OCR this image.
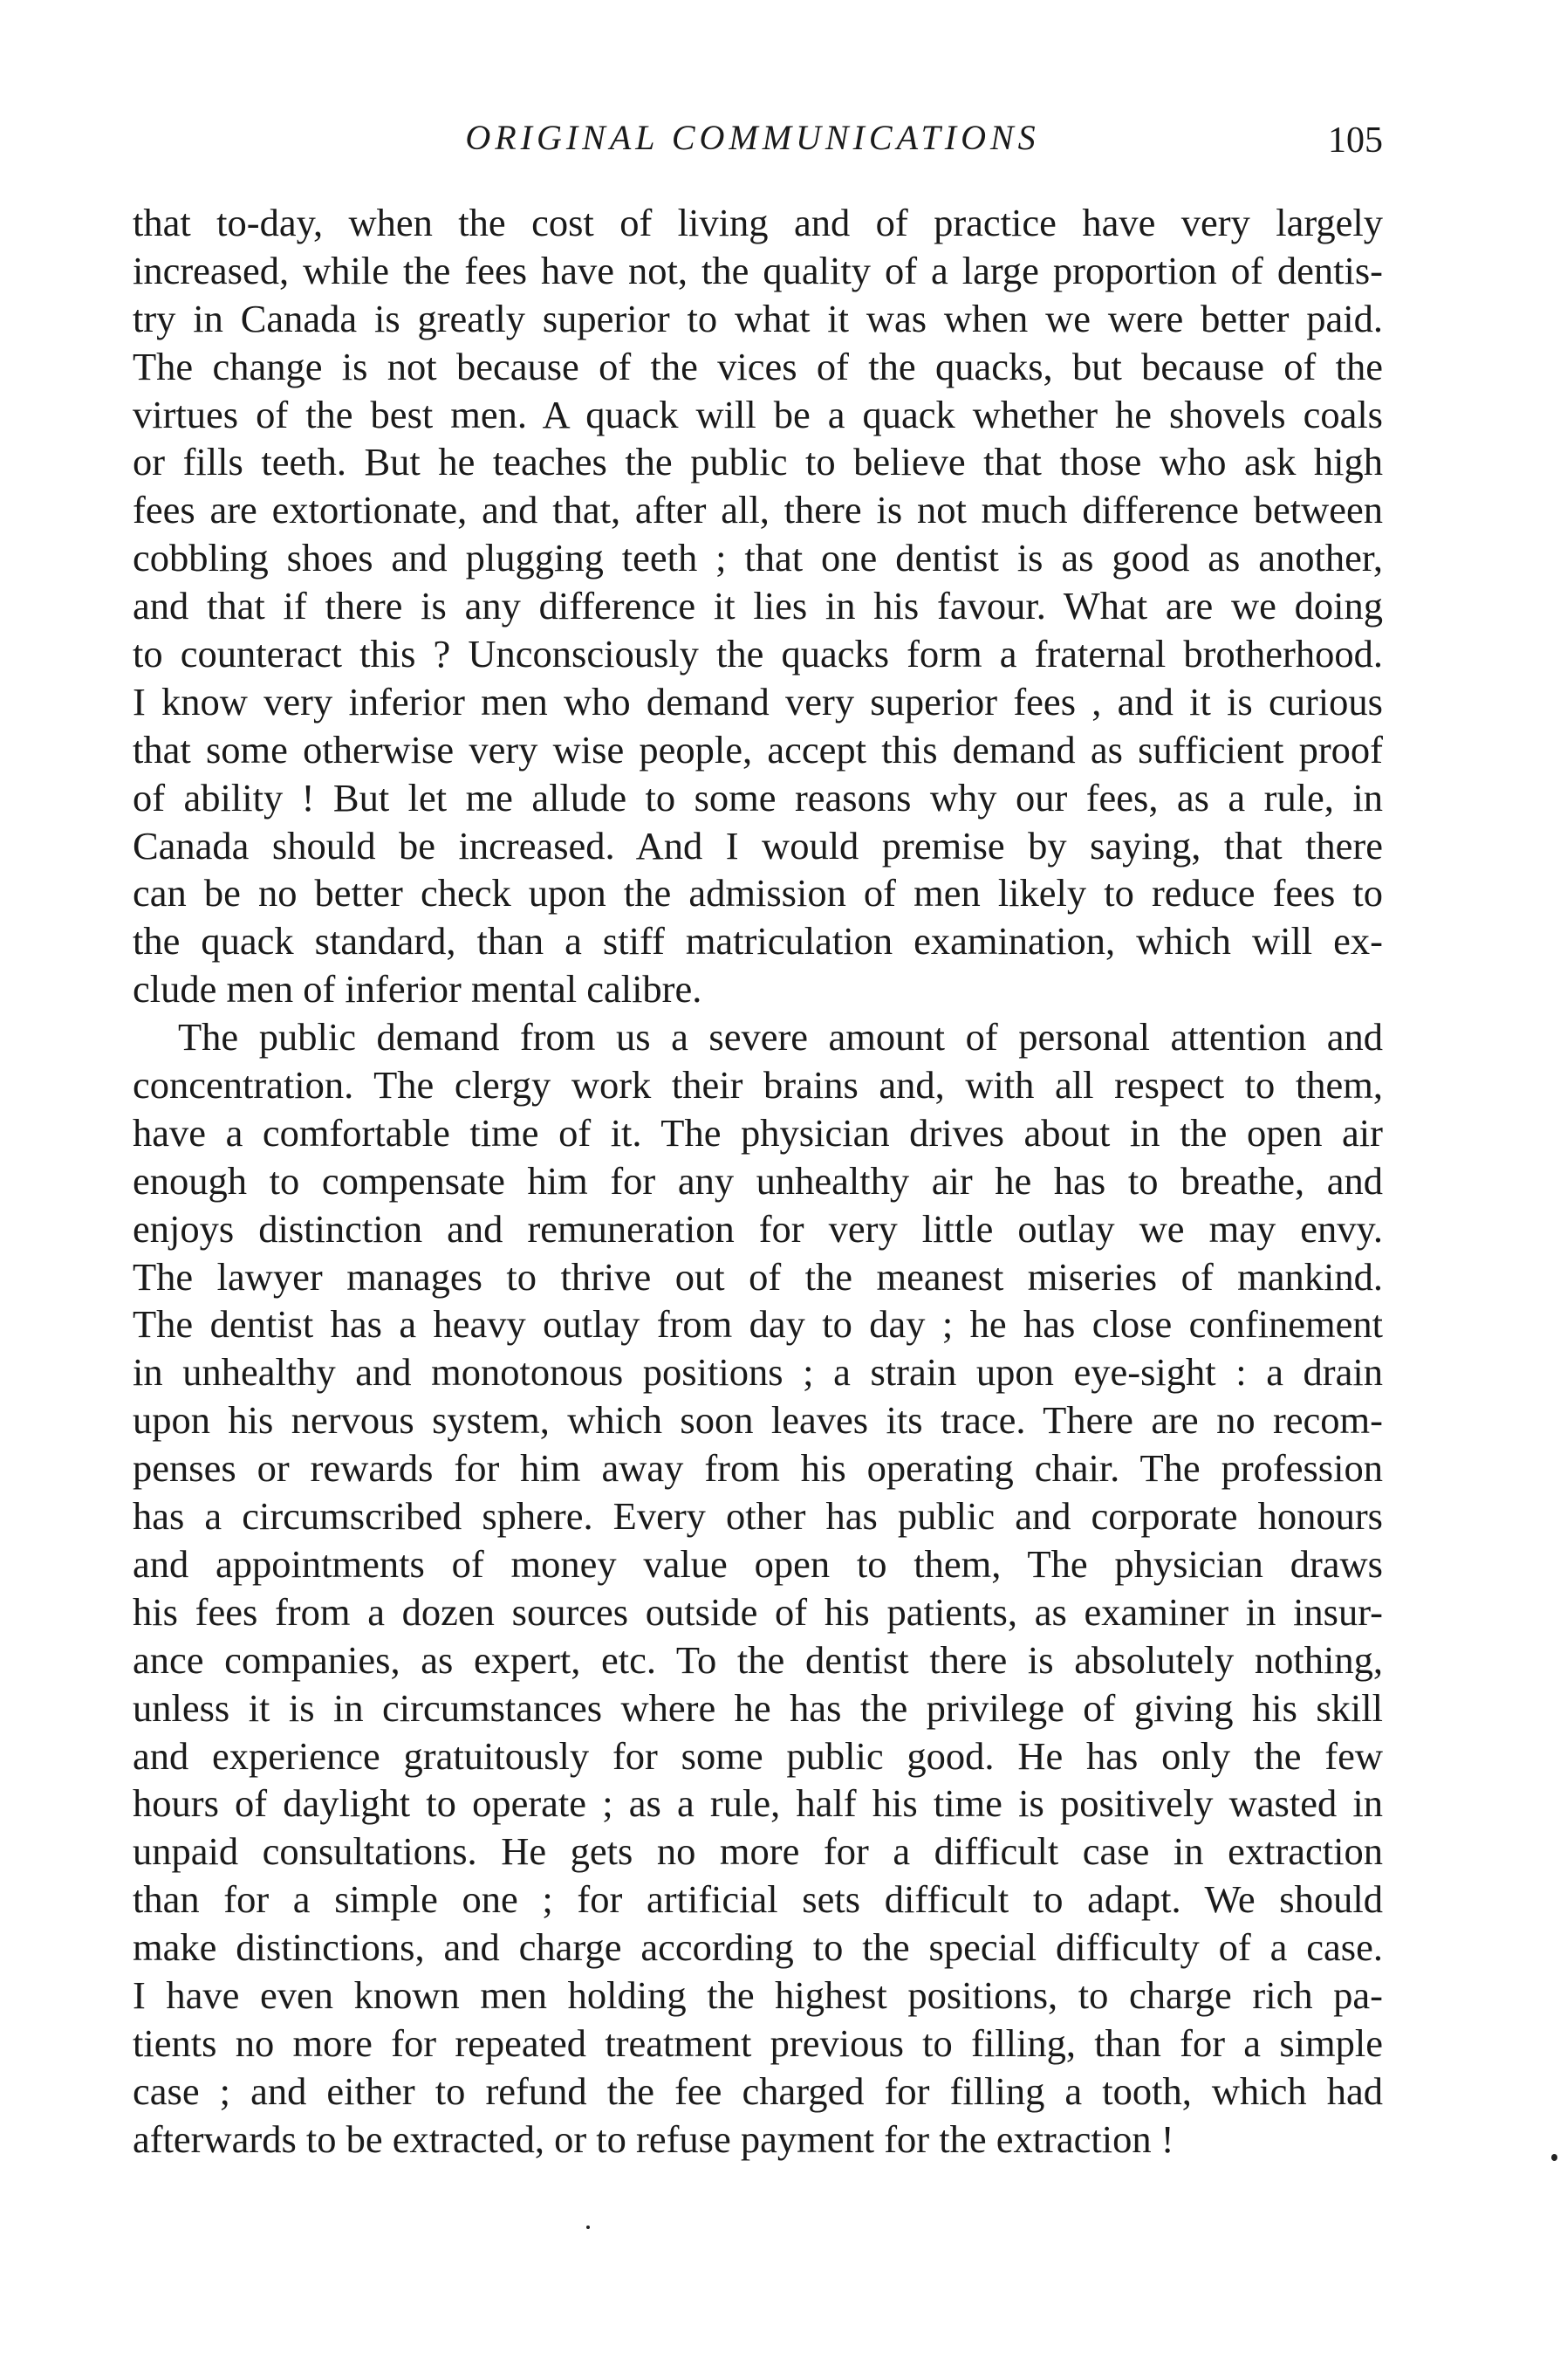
ORIGINAL COMMUNICATIONS	105
that to-day, when the cost of living and of practice have very largely
increased, while the fees have not, the quality of a large proportion of dentis-
try in Canada is greatly superior to what it was when we were better paid.
The change is not because of the vices of the quacks, but because of the
virtues of the best men. A quack will be a quack whether he shovels coals
or fills teeth. But he teaches the public to believe that those who ask high
fees are extortionate, and that, after all, there is not much difference between
cobbling shoes and plugging teeth ; that one dentist is as good as another,
and that if there is any difference it lies in his favour. What are we doing
to counteract this ? Unconsciously the quacks form a fraternal brotherhood.
I know very inferior men who demand very superior fees , and it is curious
that some otherwise very wise people, accept this demand as sufficient proof
of ability ! But let me allude to some reasons why our fees, as a rule, in
Canada should be increased. And I would premise by saying, that there
can be no better check upon the admission of men likely to reduce fees to
the quack standard, than a stiff matriculation examination, which will ex-
clude men of inferior mental calibre.
The public demand from us a severe amount of personal attention and
concentration. The clergy work their brains and, with all respect to them,
have a comfortable time of it. The physician drives about in the open air
enough to compensate him for any unhealthy air he has to breathe, and
enjoys distinction and remuneration for very little outlay we may envy.
The lawyer manages to thrive out of the meanest miseries of mankind.
The dentist has a heavy outlay from day to day ; he has close confinement
in unhealthy and monotonous positions ; a strain upon eye-sight : a drain
upon his nervous system, which soon leaves its trace. There are no recom-
penses or rewards for him away from his operating chair. The profession
has a circumscribed sphere. Every other has public and corporate honours
and appointments of money value open to them, The physician draws
his fees from a dozen sources outside of his patients, as examiner in insur-
ance companies, as expert, etc. To the dentist there is absolutely nothing,
unless it is in circumstances where he has the privilege of giving his skill
and experience gratuitously for some public good. He has only the few
hours of daylight to operate ; as a rule, half his time is positively wasted in
unpaid consultations. He gets no more for a difficult case in extraction
than for a simple one ; for artificial sets difficult to adapt. We should
make distinctions, and charge according to the special difficulty of a case.
I have even known men holding the highest positions, to charge rich pa-
tients no more for repeated treatment previous to filling, than for a simple
case ; and either to refund the fee charged for filling a tooth, which had
afterwards to be extracted, or to refuse payment for the extraction !
